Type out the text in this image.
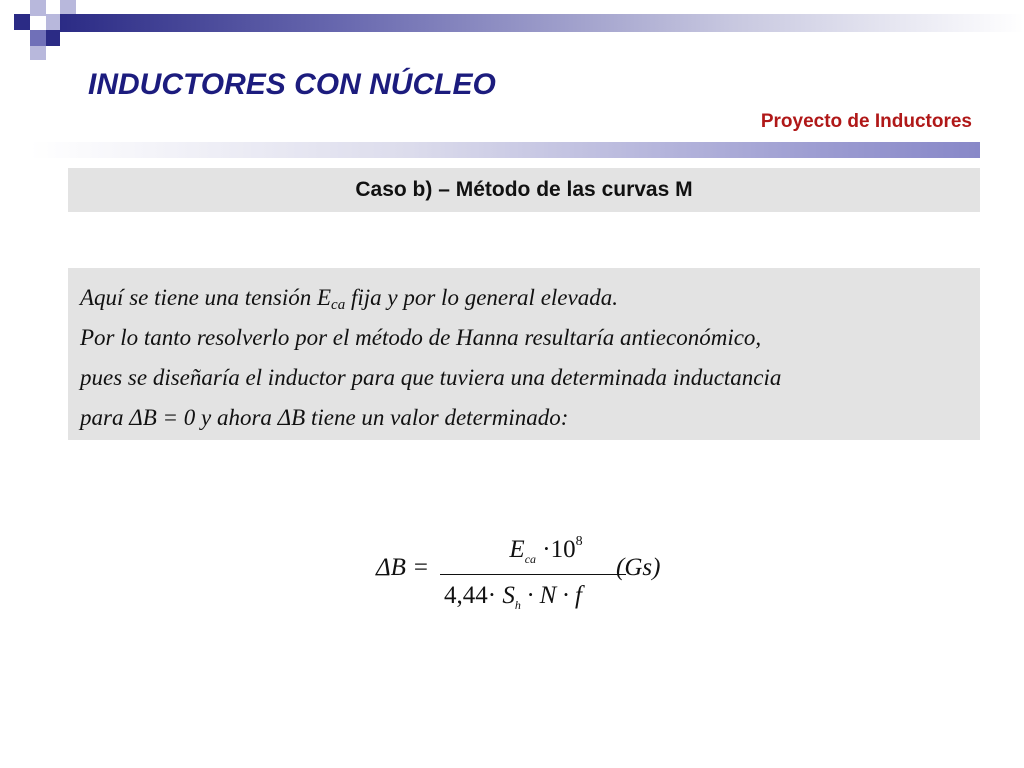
INDUCTORES CON NÚCLEO
Proyecto de Inductores
Caso b) – Método de las curvas M
Aquí se tiene una tensión $E_{ca}$ fija y por lo general elevada.
Por lo tanto resolverlo por el método de Hanna resultaría antieconómico,
pues se diseñaría el inductor para que tuviera una determinada inductancia
para ΔB = 0 y ahora ΔB tiene un valor determinado:
ΔB =
$E_{ca} \cdot 10^8$
$4,44\cdot S_h \cdot N \cdot f$
(Gs)
